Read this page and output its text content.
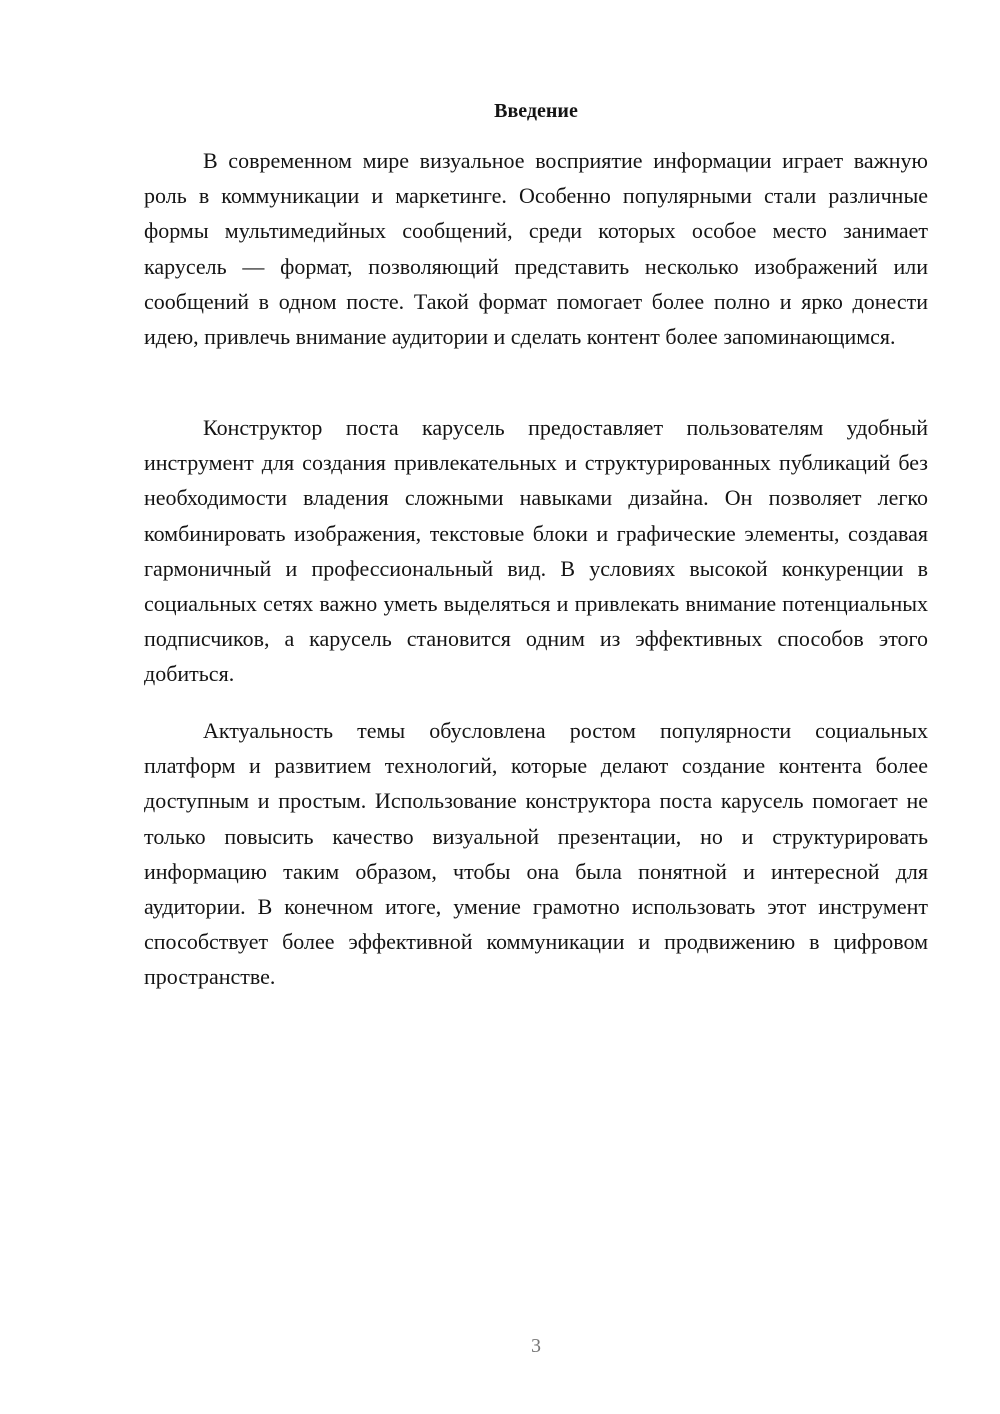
Введение

В современном мире визуальное восприятие информации играет важную роль в коммуникации и маркетинге. Особенно популярными стали различные формы мультимедийных сообщений, среди которых особое место занимает карусель — формат, позволяющий представить несколько изображений или сообщений в одном посте. Такой формат помогает более полно и ярко донести идею, привлечь внимание аудитории и сделать контент более запоминающимся.

Конструктор поста карусель предоставляет пользователям удобный инструмент для создания привлекательных и структурированных публикаций без необходимости владения сложными навыками дизайна. Он позволяет легко комбинировать изображения, текстовые блоки и графические элементы, создавая гармоничный и профессиональный вид. В условиях высокой конкуренции в социальных сетях важно уметь выделяться и привлекать внимание потенциальных подписчиков, а карусель становится одним из эффективных способов этого добиться.

Актуальность темы обусловлена ростом популярности социальных платформ и развитием технологий, которые делают создание контента более доступным и простым. Использование конструктора поста карусель помогает не только повысить качество визуальной презентации, но и структурировать информацию таким образом, чтобы она была понятной и интересной для аудитории. В конечном итоге, умение грамотно использовать этот инструмент способствует более эффективной коммуникации и продвижению в цифровом пространстве.

3
